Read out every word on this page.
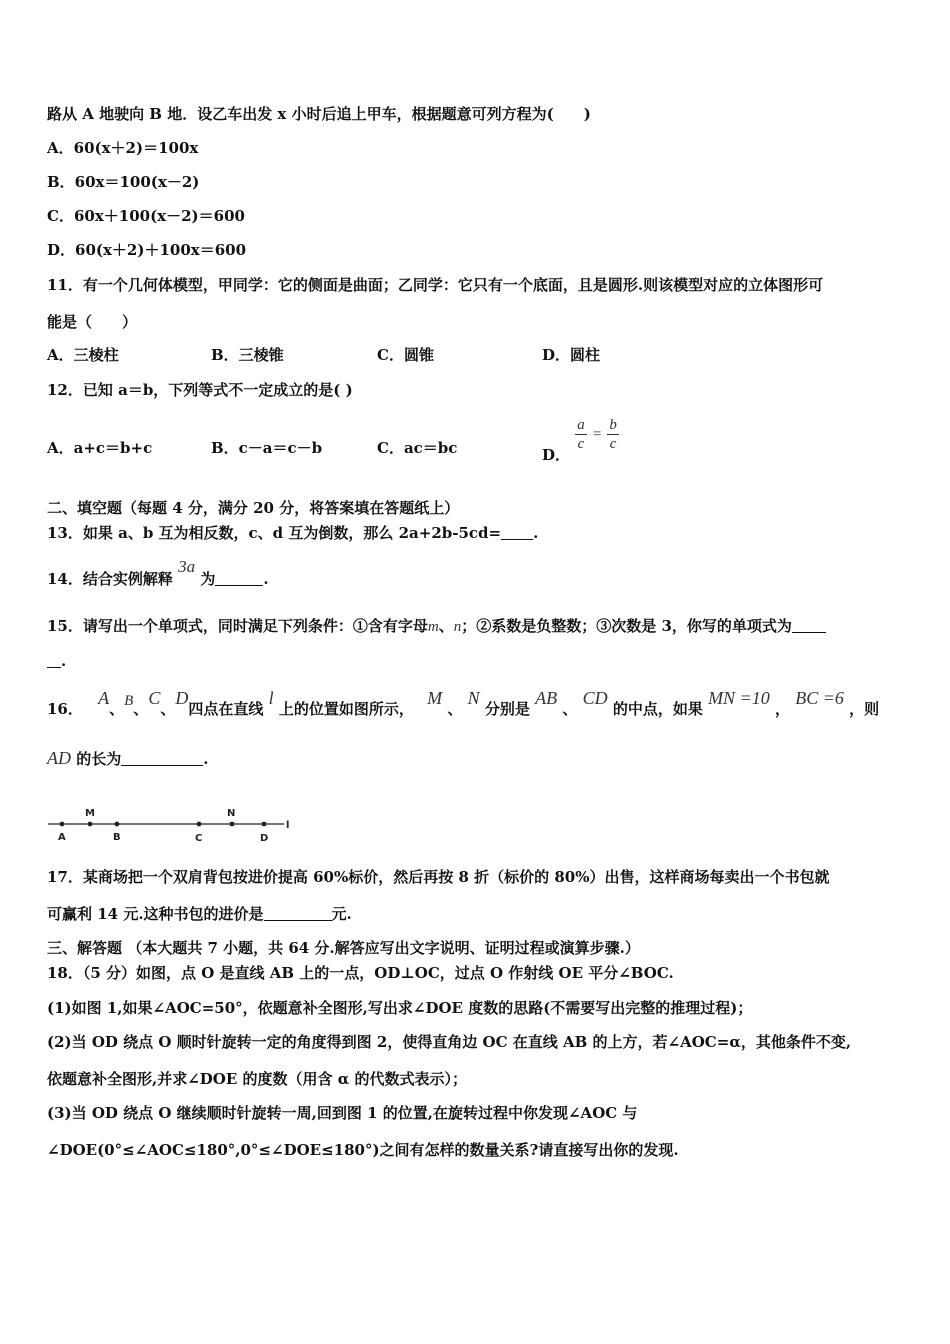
路从 A 地驶向 B 地．设乙车出发 x 小时后追上甲车，根据题意可列方程为(　　)
A．60(x＋2)＝100x
B．60x＝100(x－2)
C．60x＋100(x－2)＝600
D．60(x＋2)＋100x＝600
11．有一个几何体模型，甲同学：它的侧面是曲面；乙同学：它只有一个底面，且是圆形.则该模型对应的立体图形可
能是（　　）
A．三棱柱	B．三棱锥	C．圆锥	D．圆柱
12．已知 a＝b，下列等式不一定成立的是( )
A．a+c＝b+c	B．c－a＝c－b	C．ac＝bc	D．
$\frac{a}{c} = \frac{b}{c}$
二、填空题（每题 4 分，满分 20 分，将答案填在答题纸上）
13．如果 a、b 互为相反数，c、d 互为倒数，那么 2a+2b-5cd= .
14．结合实例解释 3a 为	.
15．请写出一个单项式，同时满足下列条件：①含有字母m、n；②系数是负整数；③次数是 3，你写的单项式为
.
16． A、B、C、D四点在直线 l 上的位置如图所示， M 、 N 分别是 AB 、 CD 的中点，如果 MN =10 ， BC =6 ，则
AD 的长为	.
M	N
A	B	C	D
l
17．某商场把一个双肩背包按进价提高 60%标价，然后再按 8 折（标价的 80%）出售，这样商场每卖出一个书包就
可赢利 14 元.这种书包的进价是	元.
三、解答题 （本大题共 7 小题，共 64 分.解答应写出文字说明、证明过程或演算步骤.）
18．（5 分）如图，点 O 是直线 AB 上的一点，OD⊥OC，过点 O 作射线 OE 平分∠BOC.
(1)如图 1,如果∠AOC=50°，依题意补全图形,写出求∠DOE 度数的思路(不需要写出完整的推理过程)；
(2)当 OD 绕点 O 顺时针旋转一定的角度得到图 2，使得直角边 OC 在直线 AB 的上方，若∠AOC=α，其他条件不变,
依题意补全图形,并求∠DOE 的度数（用含 α 的代数式表示）；
(3)当 OD 绕点 O 继续顺时针旋转一周,回到图 1 的位置,在旋转过程中你发现∠AOC 与
∠DOE(0°≤∠AOC≤180°,0°≤∠DOE≤180°)之间有怎样的数量关系?请直接写出你的发现.
